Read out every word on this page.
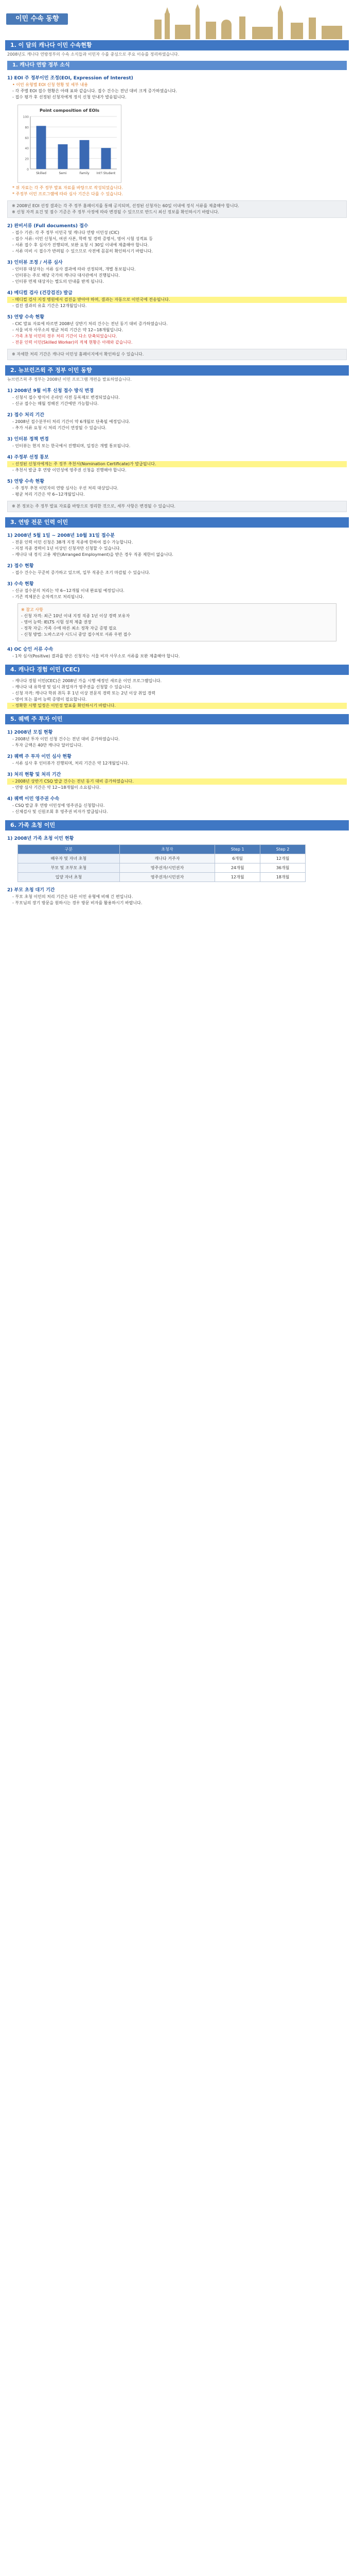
이민 수속 동향
1. 이 달의 캐나다 이민 수속현황
2008년도 캐나다 연방정부의 수속 소식들과 이민자 수를 중심으로 주요 이슈를 정리하였습니다.
1. 캐나다 연방 정부 소식
1) EOI 주 정부이민 조정(EOI, Expression of Interest)
• 이민 유형별 EOI 신청 현황 및 세부 내용
- 각 주별 EOI 접수 현황은 아래 표와 같습니다. 접수 건수는 전년 대비 크게 증가하였습니다.
- 접수 평가 후 선정된 신청자에게 정식 신청 안내가 발송됩니다.
Point composition of EOIs
0
20
40
60
80
100
Skilled	Semi	Family Int'l Student
* 위 자료는 각 주 정부 발표 자료를 바탕으로 작성되었습니다.
* 주정부 이민 프로그램에 따라 심사 기간은 다를 수 있습니다.
※ 2008년 EOI 선정 결과는 각 주 정부 홈페이지를 통해 공지되며, 선정된 신청자는 60일 이내에 정식 서류를 제출해야 합니다.
※ 신청 자격 요건 및 점수 기준은 주 정부 사정에 따라 변경될 수 있으므로 반드시 최신 정보를 확인하시기 바랍니다.
2) 완비서류 (Full documents) 접수
- 접수 기관: 각 주 정부 이민국 및 캐나다 연방 이민성 (CIC)
- 접수 서류: 이민 신청서, 여권 사본, 학력 및 경력 증명서, 영어 시험 성적표 등
- 서류 접수 후 심사가 진행되며, 보완 요청 시 30일 이내에 제출해야 합니다.
- 서류 미비 시 접수가 반려될 수 있으므로 사전에 꼼꼼히 확인하시기 바랍니다.
3) 인터뷰 조정 / 서류 심사
- 인터뷰 대상자는 서류 심사 결과에 따라 선정되며, 개별 통보됩니다.
- 인터뷰는 주로 해당 국가의 캐나다 대사관에서 진행됩니다.
- 인터뷰 면제 대상자는 별도의 안내를 받게 됩니다.
4) 메디컬 검사 (건강검진) 발급
- 메디컬 검사 지정 병원에서 검진을 받아야 하며, 결과는 자동으로 이민국에 전송됩니다.
- 검진 결과의 유효 기간은 12개월입니다.
5) 연방 수속 현황
- CIC 발표 자료에 따르면 2008년 상반기 처리 건수는 전년 동기 대비 증가하였습니다.
- 서울 비자 사무소의 평균 처리 기간은 약 12~18개월입니다.
- 가족 초청 이민의 경우 처리 기간이 다소 단축되었습니다.
- 전문 인력 이민(Skilled Worker)의 적체 현황은 아래와 같습니다.
※ 자세한 처리 기간은 캐나다 이민성 홈페이지에서 확인하실 수 있습니다.
2. 뉴브런즈윅 주 정부 이민 동향
뉴브런즈윅 주 정부는 2008년 이민 프로그램 개편을 발표하였습니다.
1) 2008년 9월 이후 신청 접수 방식 변경
- 신청서 접수 방식이 온라인 사전 등록제로 변경되었습니다.
- 신규 접수는 매월 정해진 기간에만 가능합니다.
2) 접수 처리 기간
- 2008년 접수분부터 처리 기간이 약 6개월로 단축될 예정입니다.
- 추가 서류 요청 시 처리 기간이 연장될 수 있습니다.
3) 인터뷰 정책 변경
- 인터뷰는 현지 또는 한국에서 진행되며, 일정은 개별 통보됩니다.
4) 주정부 선정 통보
- 선정된 신청자에게는 주 정부 추천서(Nomination Certificate)가 발급됩니다.
- 추천서 발급 후 연방 이민성에 영주권 신청을 진행해야 합니다.
5) 연방 수속 현황
- 주 정부 추천 이민자의 연방 심사는 우선 처리 대상입니다.
- 평균 처리 기간은 약 6~12개월입니다.
※ 본 정보는 주 정부 발표 자료를 바탕으로 정리한 것으로, 세부 사항은 변경될 수 있습니다.
3. 연방 전문 인력 이민
1) 2008년 5월 1일 ~ 2008년 10월 31일 접수분
- 전문 인력 이민 신청은 38개 지정 직종에 한하여 접수 가능합니다.
- 지정 직종 경력이 1년 이상인 신청자만 신청할 수 있습니다.
- 캐나다 내 정식 고용 제안(Arranged Employment)을 받은 경우 직종 제한이 없습니다.
2) 접수 현황
- 접수 건수는 꾸준히 증가하고 있으며, 일부 직종은 조기 마감될 수 있습니다.
3) 수속 현황
- 신규 접수분의 처리는 약 6~12개월 이내 완료될 예정입니다.
- 기존 적체분은 순차적으로 처리됩니다.
※ 참고 사항
- 신청 자격: 최근 10년 이내 지정 직종 1년 이상 경력 보유자
- 영어 능력: IELTS 시험 성적 제출 권장
- 정착 자금: 가족 수에 따른 최소 정착 자금 증명 필요
- 신청 방법: 노바스코샤 시드니 중앙 접수처로 서류 우편 접수
4) OC 승인 서류 수속
- 1차 심사(Positive) 결과를 받은 신청자는 서울 비자 사무소로 서류를 보완 제출해야 합니다.
4. 캐나다 경험 이민 (CEC)
- 캐나다 경험 이민(CEC)은 2008년 가을 시행 예정인 새로운 이민 프로그램입니다.
- 캐나다 내 유학생 및 임시 취업자가 영주권을 신청할 수 있습니다.
- 신청 자격: 캐나다 학위 취득 후 1년 이상 전문직 경력 또는 2년 이상 취업 경력
- 영어 또는 불어 능력 증명이 필요합니다.
- 정확한 시행 일정은 이민성 발표를 확인하시기 바랍니다.
5. 퀘벡 주 투자 이민
1) 2008년 모집 현황
- 2008년 투자 이민 신청 건수는 전년 대비 증가하였습니다.
- 투자 금액은 40만 캐나다 달러입니다.
2) 퀘벡 주 투자 이민 심사 현황
- 서류 심사 후 인터뷰가 진행되며, 처리 기간은 약 12개월입니다.
3) 처리 현황 및 처리 기간
- 2008년 상반기 CSQ 발급 건수는 전년 동기 대비 증가하였습니다.
- 연방 심사 기간은 약 12~18개월이 소요됩니다.
4) 퀘벡 이민 영주권 수속
- CSQ 발급 후 연방 이민성에 영주권을 신청합니다.
- 신체검사 및 신원조회 후 영주권 비자가 발급됩니다.
6. 가족 초청 이민
1) 2008년 가족 초청 이민 현황
구분	초청자	Step 1	Step 2
배우자 및 자녀 초청	캐나다 거주자	6개월	12개월
부모 및 조부모 초청	영주권자/시민권자	24개월	36개월
입양 자녀 초청	영주권자/시민권자	12개월	18개월
2) 부모 초청 대기 기간
- 부모 초청 이민의 처리 기간은 다른 이민 유형에 비해 긴 편입니다.
- 부모님의 장기 방문을 원하시는 경우 방문 비자를 활용하시기 바랍니다.
